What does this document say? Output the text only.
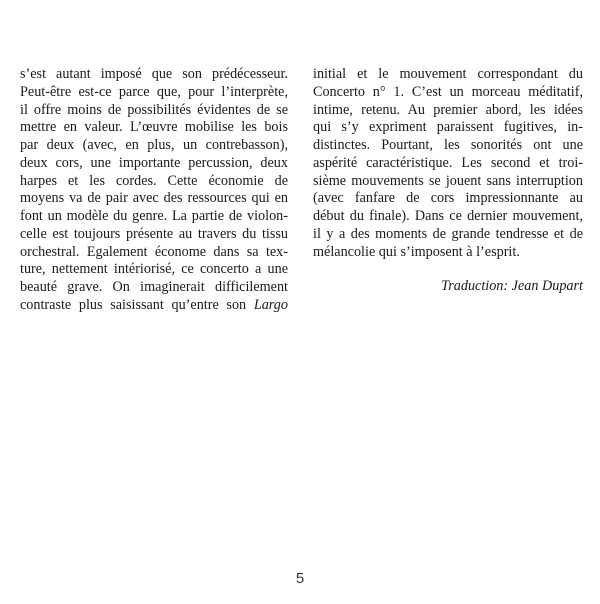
s’est autant imposé que son prédécesseur.
Peut-être est-ce parce que, pour l’interprète,
il offre moins de possibilités évidentes de se
mettre en valeur. L’œuvre mobilise les bois
par deux (avec, en plus, un contrebasson),
deux cors, une importante percussion, deux
harpes et les cordes. Cette économie de
moyens va de pair avec des ressources qui en
font un modèle du genre. La partie de violon-
celle est toujours présente au travers du tissu
orchestral. Egalement économe dans sa tex-
ture, nettement intériorisé, ce concerto a une
beauté grave. On imaginerait difficilement
contraste plus saisissant qu’entre son Largo
initial et le mouvement correspondant du
Concerto n° 1. C’est un morceau méditatif,
intime, retenu. Au premier abord, les idées
qui s’y expriment paraissent fugitives, in-
distinctes. Pourtant, les sonorités ont une
aspérité caractéristique. Les second et troi-
sième mouvements se jouent sans interruption
(avec fanfare de cors impressionnante au
début du finale). Dans ce dernier mouvement,
il y a des moments de grande tendresse et de
mélancolie qui s’imposent à l’esprit.
Traduction: Jean Dupart
5
